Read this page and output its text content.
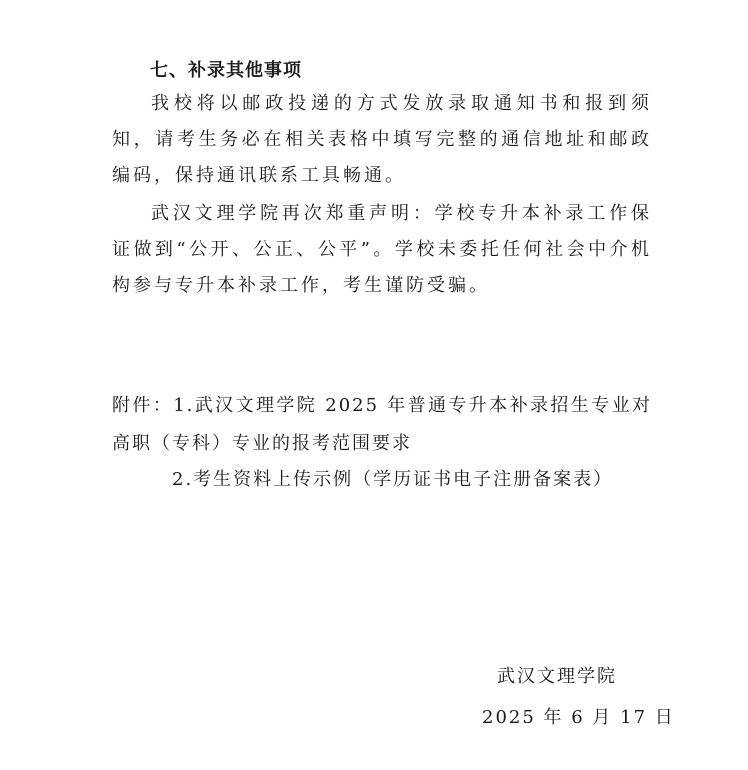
七、补录其他事项

我校将以邮政投递的方式发放录取通知书和报到须知，请考生务必在相关表格中填写完整的通信地址和邮政编码，保持通讯联系工具畅通。

武汉文理学院再次郑重声明：学校专升本补录工作保证做到“公开、公正、公平”。学校未委托任何社会中介机构参与专升本补录工作，考生谨防受骗。

附件：1.武汉文理学院 2025 年普通专升本补录招生专业对高职（专科）专业的报考范围要求

2.考生资料上传示例（学历证书电子注册备案表）
武汉文理学院
2025 年 6 月 17 日
